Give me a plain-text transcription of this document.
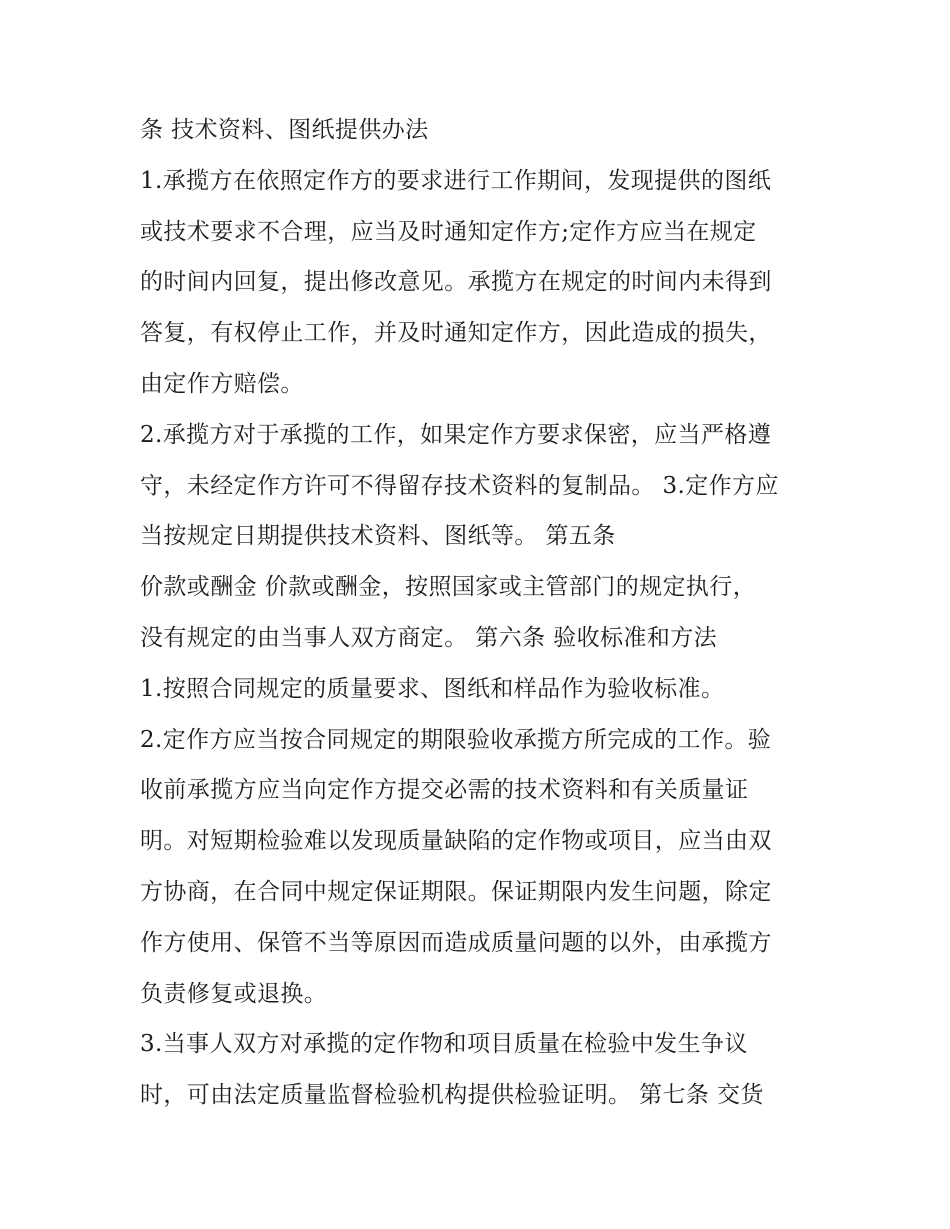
条 技术资料、图纸提供办法
1.承揽方在依照定作方的要求进行工作期间，发现提供的图纸
或技术要求不合理，应当及时通知定作方;定作方应当在规定
的时间内回复，提出修改意见。承揽方在规定的时间内未得到
答复，有权停止工作，并及时通知定作方，因此造成的损失，
由定作方赔偿。
2.承揽方对于承揽的工作，如果定作方要求保密，应当严格遵
守，未经定作方许可不得留存技术资料的复制品。 3.定作方应
当按规定日期提供技术资料、图纸等。 第五条
价款或酬金 价款或酬金，按照国家或主管部门的规定执行，
没有规定的由当事人双方商定。 第六条 验收标准和方法
1.按照合同规定的质量要求、图纸和样品作为验收标准。
2.定作方应当按合同规定的期限验收承揽方所完成的工作。验
收前承揽方应当向定作方提交必需的技术资料和有关质量证
明。对短期检验难以发现质量缺陷的定作物或项目，应当由双
方协商，在合同中规定保证期限。保证期限内发生问题，除定
作方使用、保管不当等原因而造成质量问题的以外，由承揽方
负责修复或退换。
3.当事人双方对承揽的定作物和项目质量在检验中发生争议
时，可由法定质量监督检验机构提供检验证明。 第七条 交货
